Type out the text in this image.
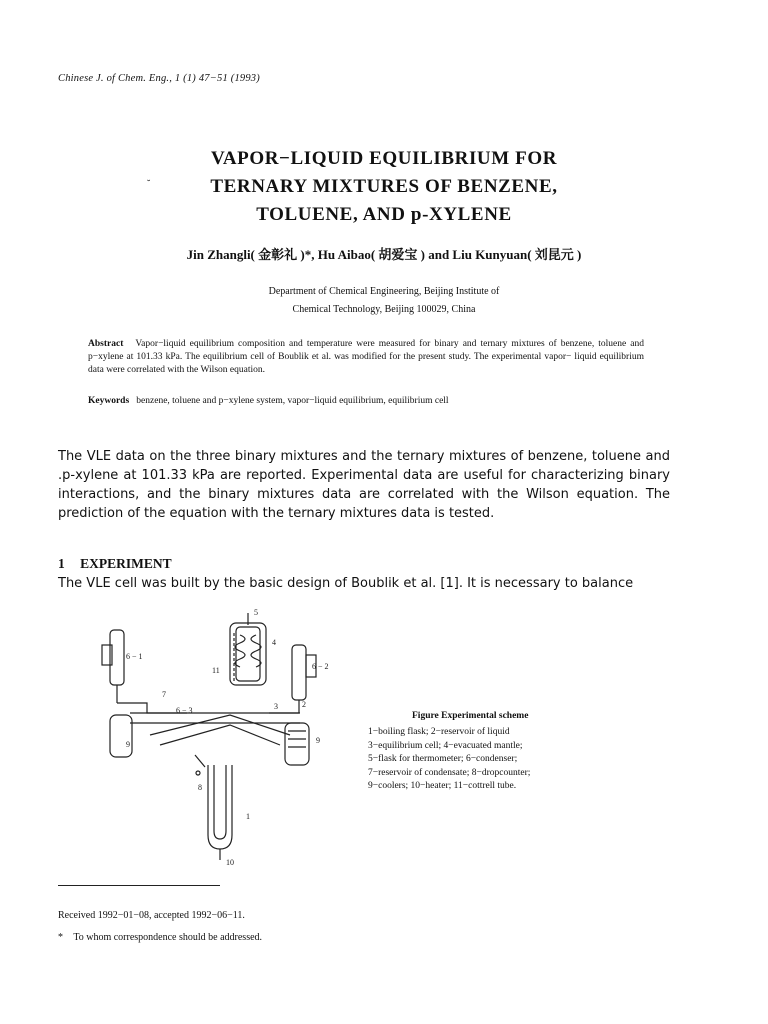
Chinese J. of Chem. Eng., 1 (1) 47−51 (1993)
˘
VAPOR−LIQUID EQUILIBRIUM FOR
TERNARY MIXTURES OF BENZENE,
TOLUENE, AND p-XYLENE
Jin Zhangli( 金彰礼 )*, Hu Aibao( 胡爱宝 ) and Liu Kunyuan( 刘昆元 )
Department of Chemical Engineering, Beijing Institute of
Chemical Technology, Beijing 100029, China
Abstract Vapor−liquid equilibrium composition and temperature were measured for binary and ternary mixtures of benzene, toluene and p−xylene at 101.33 kPa. The equilibrium cell of Boublik et al. was modified for the present study. The experimental vapor− liquid equilibrium data were correlated with the Wilson equation.
Keywords benzene, toluene and p−xylene system, vapor−liquid equilibrium, equilibrium cell
The VLE data on the three binary mixtures and the ternary mixtures of benzene, toluene and .p-xylene at 101.33 kPa are reported. Experimental data are useful for characterizing binary interactions, and the binary mixtures data are correlated with the Wilson equation. The prediction of the equation with the ternary mixtures data is tested.
1 EXPERIMENT
The VLE cell was built by the basic design of Boublik et al. [1]. It is necessary to balance
5
4
11
6 − 1
6 − 2
7
6 − 3	3	2
9	9
8
1
10
Figure Experimental scheme
1−boiling flask; 2−reservoir of liquid
3−equilibrium cell; 4−evacuated mantle;
5−flask for thermometer; 6−condenser;
7−reservoir of condensate; 8−dropcounter;
9−coolers; 10−heater; 11−cottrell tube.
Received 1992−01−08, accepted 1992−06−11.
* To whom correspondence should be addressed.
